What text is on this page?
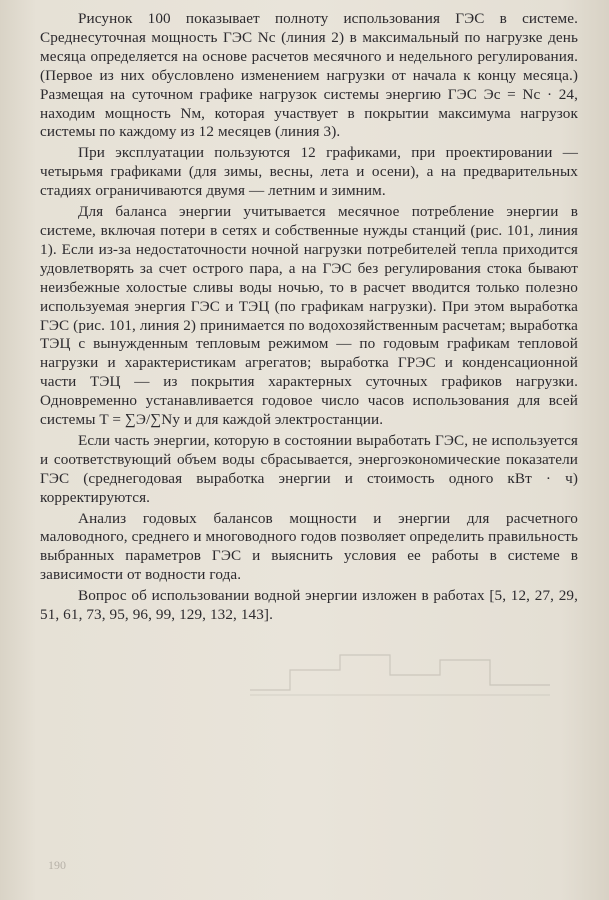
Рисунок 100 показывает полноту использования ГЭС в системе. Среднесуточная мощность ГЭС Nс (линия 2) в максимальный по нагрузке день месяца определяется на основе расчетов месячного и недельного регулирования. (Первое из них обусловлено изменением нагрузки от начала к концу месяца.) Размещая на суточном графике нагрузок системы энергию ГЭС Эс = Nс · 24, находим мощность Nм, которая участвует в покрытии максимума нагрузок системы по каждому из 12 месяцев (линия 3).

При эксплуатации пользуются 12 графиками, при проектировании — четырьмя графиками (для зимы, весны, лета и осени), а на предварительных стадиях ограничиваются двумя — летним и зимним.

Для баланса энергии учитывается месячное потребление энергии в системе, включая потери в сетях и собственные нужды станций (рис. 101, линия 1). Если из-за недостаточности ночной нагрузки потребителей тепла приходится удовлетворять за счет острого пара, а на ГЭС без регулирования стока бывают неизбежные холостые сливы воды ночью, то в расчет вводится только полезно используемая энергия ГЭС и ТЭЦ (по графикам нагрузки). При этом выработка ГЭС (рис. 101, линия 2) принимается по водохозяйственным расчетам; выработка ТЭЦ с вынужденным тепловым режимом — по годовым графикам тепловой нагрузки и характеристикам агрегатов; выработка ГРЭС и конденсационной части ТЭЦ — из покрытия характерных суточных графиков нагрузки. Одновременно устанавливается годовое число часов использования для всей системы T = ∑Э/∑Nу и для каждой электростанции.

Если часть энергии, которую в состоянии выработать ГЭС, не используется и соответствующий объем воды сбрасывается, энергоэкономические показатели ГЭС (среднегодовая выработка энергии и стоимость одного кВт · ч) корректируются.

Анализ годовых балансов мощности и энергии для расчетного маловодного, среднего и многоводного годов позволяет определить правильность выбранных параметров ГЭС и выяснить условия ее работы в системе в зависимости от водности года.

Вопрос об использовании водной энергии изложен в работах [5, 12, 27, 29, 51, 61, 73, 95, 96, 99, 129, 132, 143].

190
